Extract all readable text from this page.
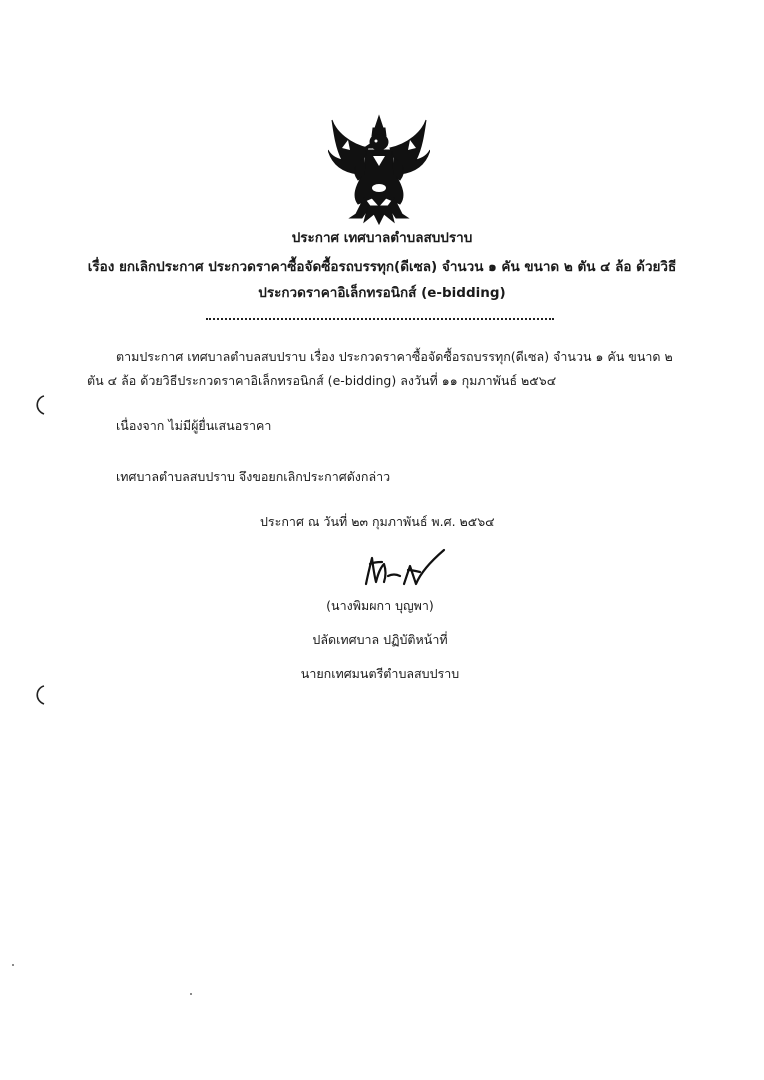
ประกาศ เทศบาลตำบลสบปราบ
เรื่อง ยกเลิกประกาศ ประกวดราคาซื้อจัดซื้อรถบรรทุก(ดีเซล) จำนวน ๑ คัน ขนาด ๒ ตัน ๔ ล้อ ด้วยวิธี
ประกวดราคาอิเล็กทรอนิกส์ (e-bidding)
ตามประกาศ เทศบาลตำบลสบปราบ เรื่อง ประกวดราคาซื้อจัดซื้อรถบรรทุก(ดีเซล) จำนวน ๑ คัน ขนาด ๒
ตัน ๔ ล้อ ด้วยวิธีประกวดราคาอิเล็กทรอนิกส์ (e-bidding) ลงวันที่ ๑๑ กุมภาพันธ์ ๒๕๖๔
เนื่องจาก ไม่มีผู้ยื่นเสนอราคา
เทศบาลตำบลสบปราบ จึงขอยกเลิกประกาศดังกล่าว
ประกาศ ณ วันที่ ๒๓ กุมภาพันธ์ พ.ศ. ๒๕๖๔
(นางพิมผกา บุญพา)
ปลัดเทศบาล ปฏิบัติหน้าที่
นายกเทศมนตรีตำบลสบปราบ
